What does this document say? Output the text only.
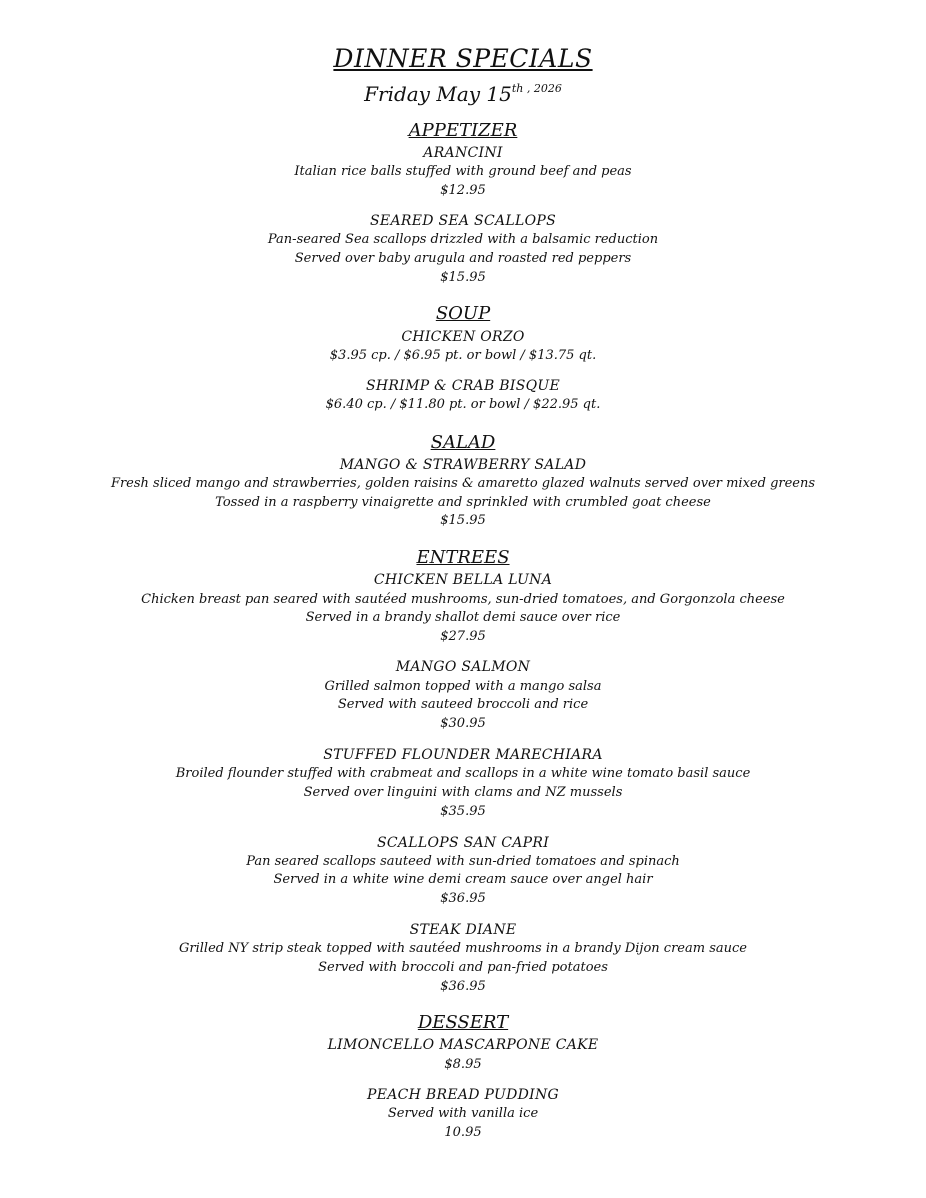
DINNER SPECIALS
Friday May 15th $^{, 2026}$
APPETIZER
ARANCINI
Italian rice balls stuffed with ground beef and peas
$12.95
SEARED SEA SCALLOPS
Pan-seared Sea scallops drizzled with a balsamic reduction
Served over baby arugula and roasted red peppers
$15.95
SOUP
CHICKEN ORZO
$3.95 cp. / $6.95 pt. or bowl / $13.75 qt.
SHRIMP & CRAB BISQUE
$6.40 cp. / $11.80 pt. or bowl / $22.95 qt.
SALAD
MANGO & STRAWBERRY SALAD
Fresh sliced mango and strawberries, golden raisins & amaretto glazed walnuts served over mixed greens
Tossed in a raspberry vinaigrette and sprinkled with crumbled goat cheese
$15.95
ENTREES
CHICKEN BELLA LUNA
Chicken breast pan seared with sautéed mushrooms, sun-dried tomatoes, and Gorgonzola cheese
Served in a brandy shallot demi sauce over rice
$27.95
MANGO SALMON
Grilled salmon topped with a mango salsa
Served with sauteed broccoli and rice
$30.95
STUFFED FLOUNDER MARECHIARA
Broiled flounder stuffed with crabmeat and scallops in a white wine tomato basil sauce
Served over linguini with clams and NZ mussels
$35.95
SCALLOPS SAN CAPRI
Pan seared scallops sauteed with sun-dried tomatoes and spinach
Served in a white wine demi cream sauce over angel hair
$36.95
STEAK DIANE
Grilled NY strip steak topped with sautéed mushrooms in a brandy Dijon cream sauce
Served with broccoli and pan-fried potatoes
$36.95
DESSERT
LIMONCELLO MASCARPONE CAKE
$8.95
PEACH BREAD PUDDING
Served with vanilla ice
10.95
